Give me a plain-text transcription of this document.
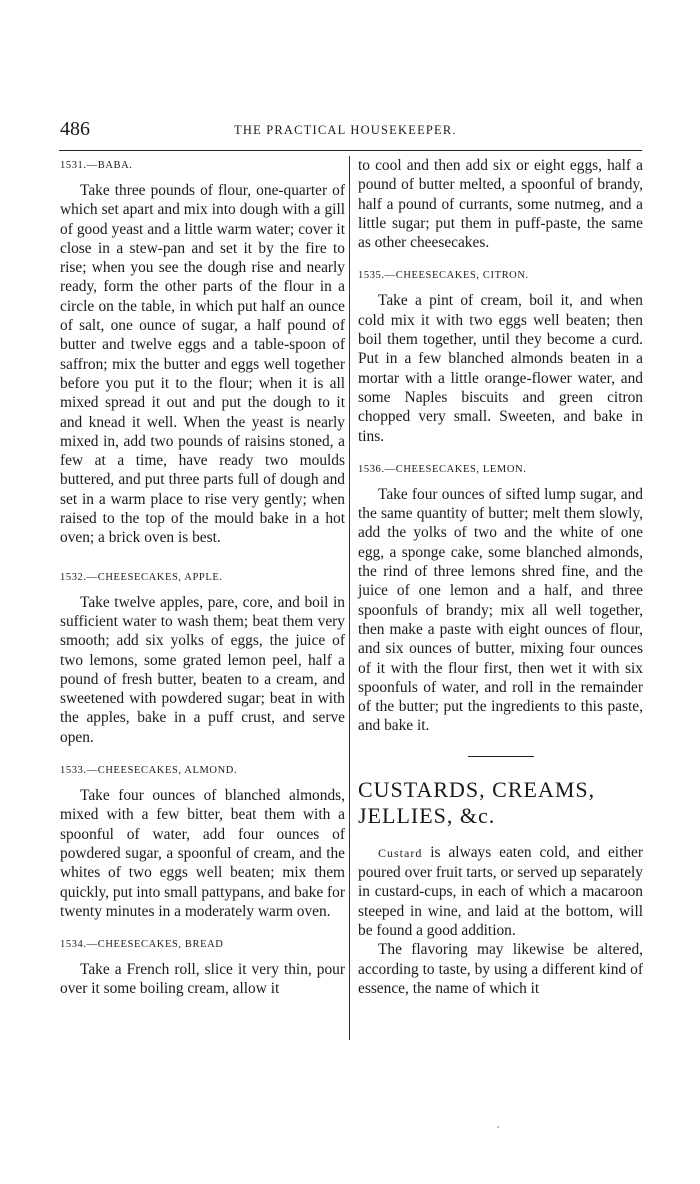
486	THE PRACTICAL HOUSEKEEPER.

1531.—BABA.

Take three pounds of flour, one-quarter of which set apart and mix into dough with a gill of good yeast and a little warm water; cover it close in a stew-pan and set it by the fire to rise; when you see the dough rise and nearly ready, form the other parts of the flour in a circle on the table, in which put half an ounce of salt, one ounce of sugar, a half pound of butter and twelve eggs and a table-spoon of saffron; mix the butter and eggs well together before you put it to the flour; when it is all mixed spread it out and put the dough to it and knead it well. When the yeast is nearly mixed in, add two pounds of raisins stoned, a few at a time, have ready two moulds buttered, and put three parts full of dough and set in a warm place to rise very gently; when raised to the top of the mould bake in a hot oven; a brick oven is best.

1532.—CHEESECAKES, APPLE.

Take twelve apples, pare, core, and boil in sufficient water to wash them; beat them very smooth; add six yolks of eggs, the juice of two lemons, some grated lemon peel, half a pound of fresh butter, beaten to a cream, and sweetened with powdered sugar; beat in with the apples, bake in a puff crust, and serve open.

1533.—CHEESECAKES, ALMOND.

Take four ounces of blanched almonds, mixed with a few bitter, beat them with a spoonful of water, add four ounces of powdered sugar, a spoonful of cream, and the whites of two eggs well beaten; mix them quickly, put into small pattypans, and bake for twenty minutes in a moderately warm oven.

1534.—CHEESECAKES, BREAD

Take a French roll, slice it very thin, pour over it some boiling cream, allow it

to cool and then add six or eight eggs, half a pound of butter melted, a spoonful of brandy, half a pound of currants, some nutmeg, and a little sugar; put them in puff-paste, the same as other cheesecakes.

1535.—CHEESECAKES, CITRON.

Take a pint of cream, boil it, and when cold mix it with two eggs well beaten; then boil them together, until they become a curd. Put in a few blanched almonds beaten in a mortar with a little orange-flower water, and some Naples biscuits and green citron chopped very small. Sweeten, and bake in tins.

1536.—CHEESECAKES, LEMON.

Take four ounces of sifted lump sugar, and the same quantity of butter; melt them slowly, add the yolks of two and the white of one egg, a sponge cake, some blanched almonds, the rind of three lemons shred fine, and the juice of one lemon and a half, and three spoonfuls of brandy; mix all well together, then make a paste with eight ounces of flour, and six ounces of butter, mixing four ounces of it with the flour first, then wet it with six spoonfuls of water, and roll in the remainder of the butter; put the ingredients to this paste, and bake it.

CUSTARDS, CREAMS,

JELLIES, &c.

Custard is always eaten cold, and either poured over fruit tarts, or served up separately in custard-cups, in each of which a macaroon steeped in wine, and laid at the bottom, will be found a good addition.

The flavoring may likewise be altered, according to taste, by using a different kind of essence, the name of which it
